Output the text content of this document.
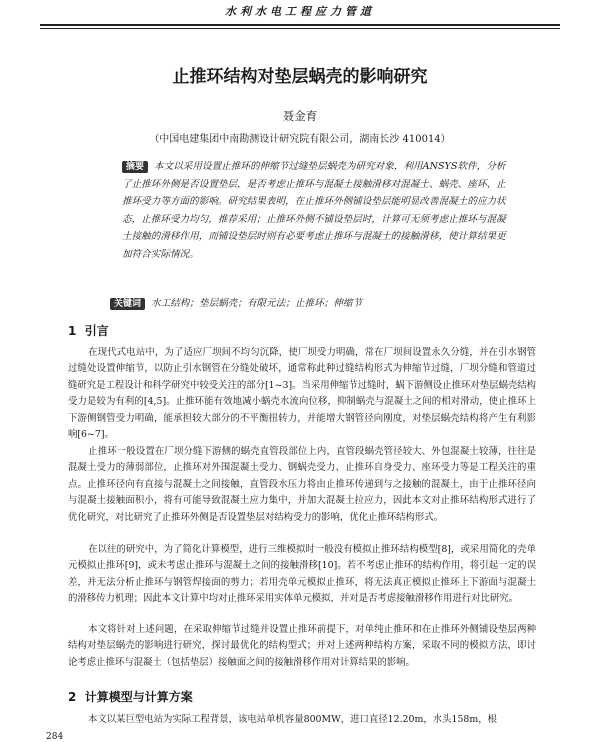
水利水电工程应力管道
止推环结构对垫层蜗壳的影响研究
聂金育
（中国电建集团中南勘测设计研究院有限公司，湖南长沙 410014）
摘要 本文以采用设置止推环的伸缩节过缝垫层蜗壳为研究对象，利用ANSYS软件，分析了止推环外侧是否设置垫层，是否考虑止推环与混凝土接触滑移对混凝土、蜗壳、座环、止推环受力等方面的影响。研究结果表明，在止推环外侧铺设垫层能明显改善混凝土的应力状态，止推环受力均匀，推荐采用；止推环外侧不铺设垫层时，计算可无须考虑止推环与混凝土接触的滑移作用，而铺设垫层时则有必要考虑止推环与混凝土的接触滑移，使计算结果更加符合实际情况。
关键词 水工结构；垫层蜗壳；有限元法；止推环；伸缩节
1 引言
在现代式电站中，为了适应厂坝间不均匀沉降，使厂坝受力明确，常在厂坝间设置永久分缝，并在引水钢管过缝处设置伸缩节，以防止引水钢管在分缝处破坏，通常称此种过缝结构形式为伸缩节过缝，厂坝分缝和管道过缝研究是工程设计和科学研究中较受关注的部分[1~3]。当采用伸缩节过缝时，蜗下游侧设止推环对垫层蜗壳结构受力是较为有利的[4,5]。止推环能有效地减小蜗壳水流向位移，抑制蜗壳与混凝土之间的相对滑动，使止推环上下游侧钢管受力明确，能承担较大部分的不平衡扭转力，并能增大钢管径向刚度，对垫层蜗壳结构将产生有利影响[6~7]。
止推环一般设置在厂坝分缝下游侧的蜗壳直管段部位上内，直管段蜗壳管径较大、外包混凝土较薄，往往是混凝土受力的薄弱部位，止推环对外围混凝土受力、钢蜗壳受力、止推环自身受力、座环受力等是工程关注的重点。止推环径向有直接与混凝土之间接触，直管段水压力将由止推环传递到与之接触的混凝土，由于止推环径向与混凝土接触面积小，将有可能导致混凝土应力集中，并加大混凝土拉应力，因此本文对止推环结构形式进行了优化研究，对比研究了止推环外侧是否设置垫层对结构受力的影响，优化止推环结构形式。
在以往的研究中，为了简化计算模型，进行三维模拟时一般没有模拟止推环结构模型[8]，或采用简化的壳单元模拟止推环[9]，或未考虑止推环与混凝土之间的接触滑移[10]。若不考虑止推环的结构作用，将引起一定的误差，并无法分析止推环与钢管焊接面的剪力；若用壳单元模拟止推环，将无法真正模拟止推环上下游面与混凝土的滑移传力机理；因此本文计算中均对止推环采用实体单元模拟，并对是否考虑接触滑移作用进行对比研究。
本文将针对上述问题，在采取伸缩节过缝并设置止推环前提下，对单纯止推环和在止推环外侧铺设垫层两种结构对垫层蜗壳的影响进行研究，探讨最优化的结构型式；并对上述两种结构方案，采取不同的模拟方法，即讨论考虑止推环与混凝土（包括垫层）接触面之间的接触滑移作用对计算结果的影响。
2 计算模型与计算方案
本文以某巨型电站为实际工程背景，该电站单机容量800MW，进口直径12.20m，水头158m，根
284
